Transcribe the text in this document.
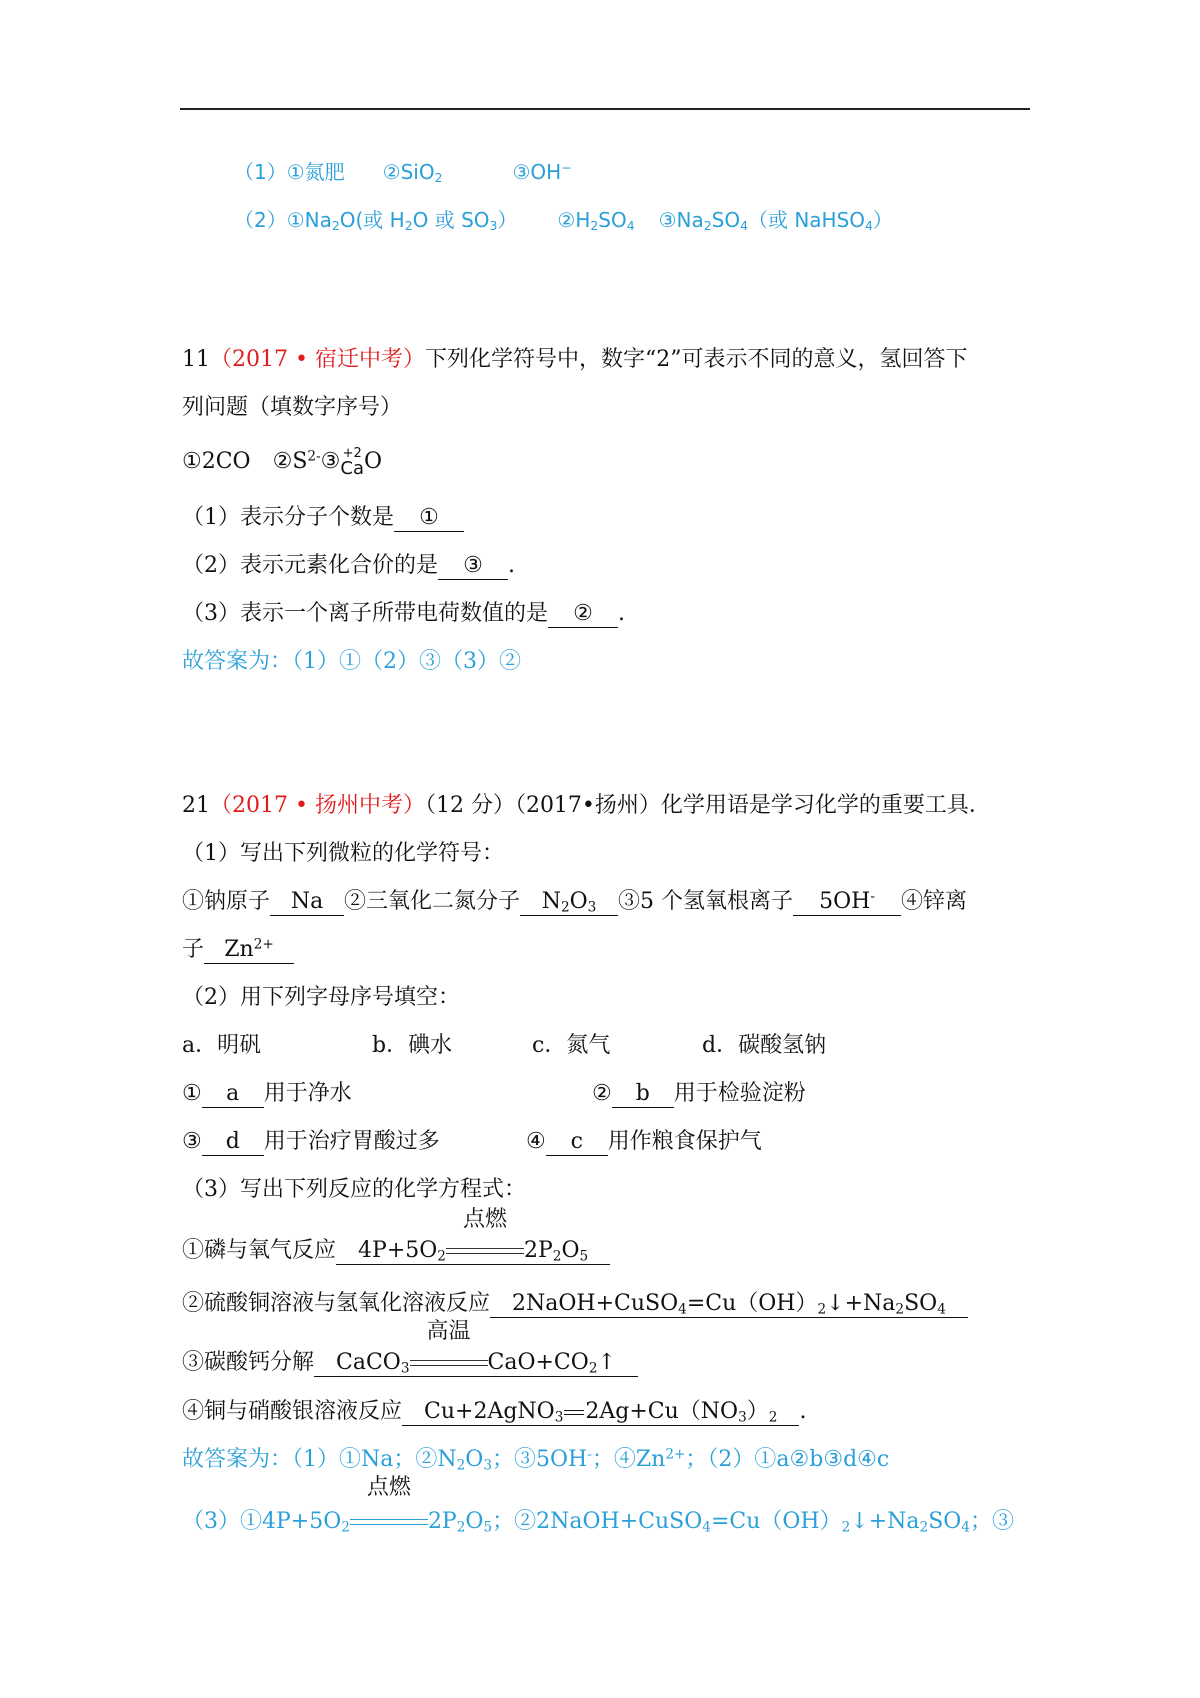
（1）①氮肥 ②SiO$_2$	③OH−
$(2)①Na_2O$(或 $H_2O$ 或 $SO_3$） $②H_2SO_4$ $③Na_2SO_4$（或 NaHSO$_4$）
11（2017 • 宿迁中考）下列化学符号中，数字“2”可表示不同的意义，氢回答下
列问题（填数字序号）
①2CO $②S^{2-}③ +2$
Ca O
（1）表示分子个数是 ①
（2）表示元素化合价的是 ③ .
（3）表示一个离子所带电荷数值的是 ② .
故答案为：（1）①（2）③（3）②
21（2017 • 扬州中考）（12 分）（2017•扬州）化学用语是学习化学的重要工具．
（1）写出下列微粒的化学符号：
①钠原子 Na ②三氧化二氮分子 $N_2O_3$ ③5 个氢氧根离子 5OH- ④锌离
子 $Zn^{2+}$
（2）用下列字母序号填空：
a．明矾	b．碘水	c．氮气	d．碳酸氢钠
① a 用于净水	② b 用于检验淀粉
③ d 用于治疗胃酸过多	④ c 用作粮食保护气
（3）写出下列反应的化学方程式：
①磷与氧气反应 $4P+5O_2$
点燃
$2P_2O_5$
②硫酸铜溶液与氢氧化溶液反应 $2NaOH+CuSO_4=Cu(OH)_2↓+Na_2SO_4$
③碳酸钙分解 CaCO$_3$
高温
$CaO+CO_2↑$
④铜与硝酸银溶液反应 Cu+2AgNO$_3$ $2Ag+Cu(NO_3)_2$ .
故答案为：（1）①Na；$②N_2O_3$；③5OH-；$④Zn^{2+}$；（2）①a②b③d④c
$(3)①4P+5O_2$
点燃
$2P_2O_5$；$②2NaOH+CuSO_4=Cu(OH)_2↓+Na_2SO_4$；③
